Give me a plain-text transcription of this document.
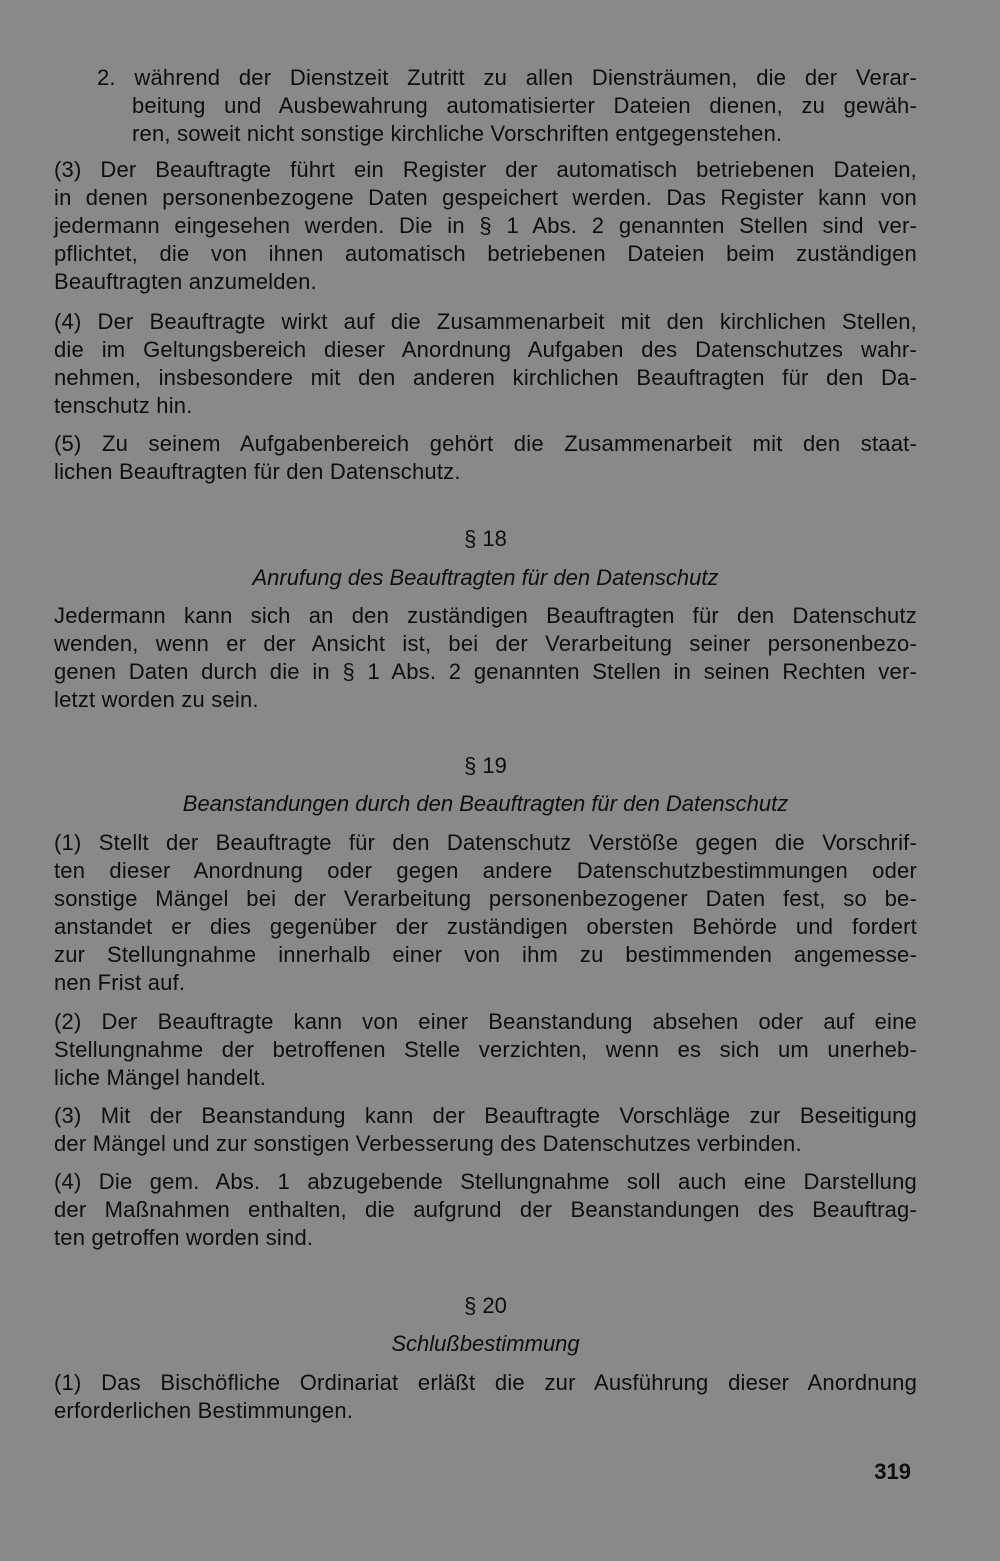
2. während der Dienstzeit Zutritt zu allen Diensträumen, die der Verar-
beitung und Ausbewahrung automatisierter Dateien dienen, zu gewäh-
ren, soweit nicht sonstige kirchliche Vorschriften entgegenstehen.
(3) Der Beauftragte führt ein Register der automatisch betriebenen Dateien,
in denen personenbezogene Daten gespeichert werden. Das Register kann von
jedermann eingesehen werden. Die in § 1 Abs. 2 genannten Stellen sind ver-
pflichtet, die von ihnen automatisch betriebenen Dateien beim zuständigen
Beauftragten anzumelden.
(4) Der Beauftragte wirkt auf die Zusammenarbeit mit den kirchlichen Stellen,
die im Geltungsbereich dieser Anordnung Aufgaben des Datenschutzes wahr-
nehmen, insbesondere mit den anderen kirchlichen Beauftragten für den Da-
tenschutz hin.
(5) Zu seinem Aufgabenbereich gehört die Zusammenarbeit mit den staat-
lichen Beauftragten für den Datenschutz.
§ 18
Anrufung des Beauftragten für den Datenschutz
Jedermann kann sich an den zuständigen Beauftragten für den Datenschutz
wenden, wenn er der Ansicht ist, bei der Verarbeitung seiner personenbezo-
genen Daten durch die in § 1 Abs. 2 genannten Stellen in seinen Rechten ver-
letzt worden zu sein.
§ 19
Beanstandungen durch den Beauftragten für den Datenschutz
(1) Stellt der Beauftragte für den Datenschutz Verstöße gegen die Vorschrif-
ten dieser Anordnung oder gegen andere Datenschutzbestimmungen oder
sonstige Mängel bei der Verarbeitung personenbezogener Daten fest, so be-
anstandet er dies gegenüber der zuständigen obersten Behörde und fordert
zur Stellungnahme innerhalb einer von ihm zu bestimmenden angemesse-
nen Frist auf.
(2) Der Beauftragte kann von einer Beanstandung absehen oder auf eine
Stellungnahme der betroffenen Stelle verzichten, wenn es sich um unerheb-
liche Mängel handelt.
(3) Mit der Beanstandung kann der Beauftragte Vorschläge zur Beseitigung
der Mängel und zur sonstigen Verbesserung des Datenschutzes verbinden.
(4) Die gem. Abs. 1 abzugebende Stellungnahme soll auch eine Darstellung
der Maßnahmen enthalten, die aufgrund der Beanstandungen des Beauftrag-
ten getroffen worden sind.
§ 20
Schlußbestimmung
(1) Das Bischöfliche Ordinariat erläßt die zur Ausführung dieser Anordnung
erforderlichen Bestimmungen.
319
